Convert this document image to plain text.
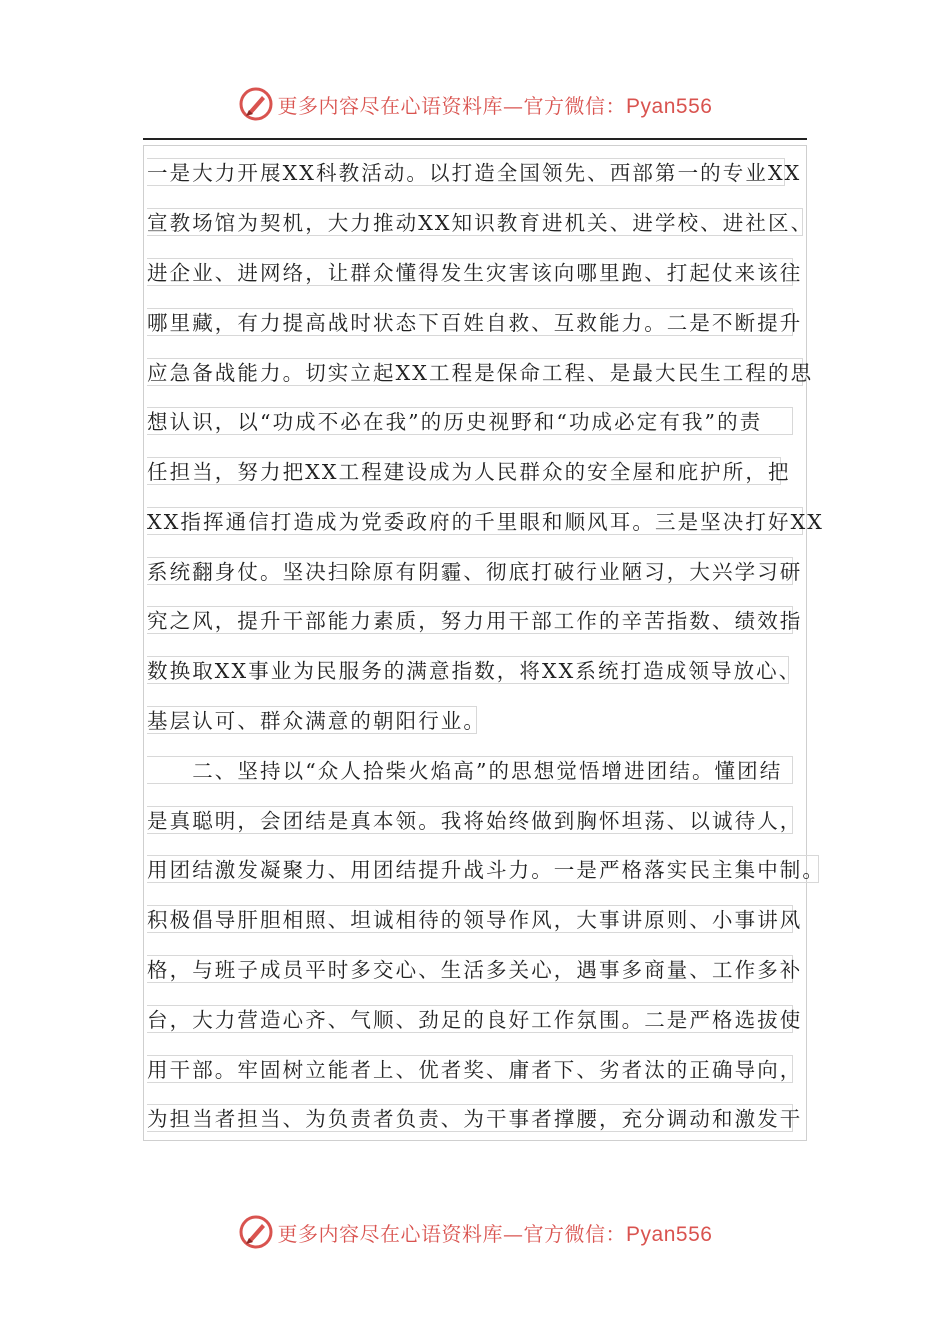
更多内容尽在心语资料库—官方微信：Pyan556
一是大力开展XX科教活动。以打造全国领先、西部第一的专业XX
宣教场馆为契机，大力推动XX知识教育进机关、进学校、进社区、
进企业、进网络，让群众懂得发生灾害该向哪里跑、打起仗来该往
哪里藏，有力提高战时状态下百姓自救、互救能力。二是不断提升
应急备战能力。切实立起XX工程是保命工程、是最大民生工程的思
想认识，以“功成不必在我”的历史视野和“功成必定有我”的责
任担当，努力把XX工程建设成为人民群众的安全屋和庇护所，把
XX指挥通信打造成为党委政府的千里眼和顺风耳。三是坚决打好XX
系统翻身仗。坚决扫除原有阴霾、彻底打破行业陋习，大兴学习研
究之风，提升干部能力素质，努力用干部工作的辛苦指数、绩效指
数换取XX事业为民服务的满意指数，将XX系统打造成领导放心、
基层认可、群众满意的朝阳行业。
　　二、坚持以“众人拾柴火焰高”的思想觉悟增进团结。懂团结
是真聪明，会团结是真本领。我将始终做到胸怀坦荡、以诚待人，
用团结激发凝聚力、用团结提升战斗力。一是严格落实民主集中制。
积极倡导肝胆相照、坦诚相待的领导作风，大事讲原则、小事讲风
格，与班子成员平时多交心、生活多关心，遇事多商量、工作多补
台，大力营造心齐、气顺、劲足的良好工作氛围。二是严格选拔使
用干部。牢固树立能者上、优者奖、庸者下、劣者汰的正确导向，
为担当者担当、为负责者负责、为干事者撑腰，充分调动和激发干
更多内容尽在心语资料库—官方微信：Pyan556
